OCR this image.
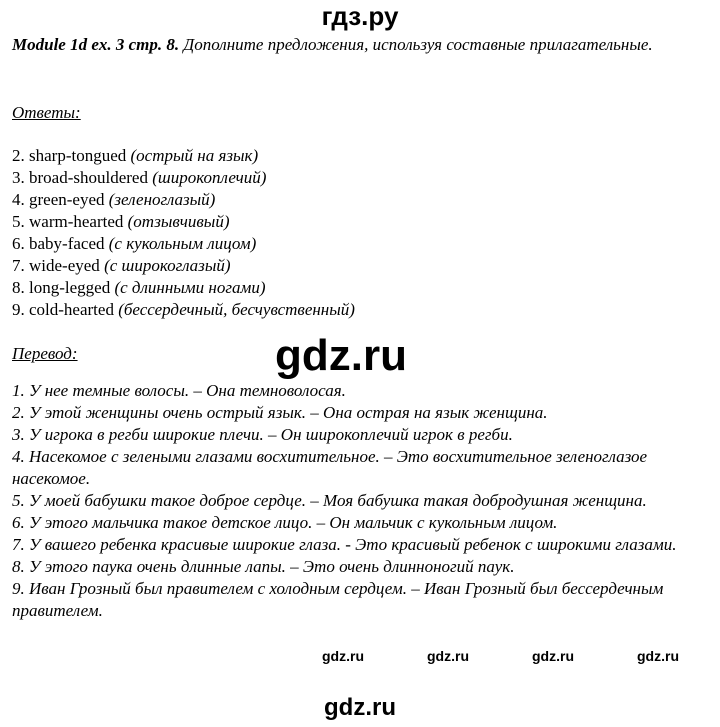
гдз.ру
Module 1d ex. 3 стр. 8. Дополните предложения, используя составные прилагательные.
Ответы:
2. sharp-tongued (острый на язык)
3. broad-shouldered (широкоплечий)
4. green-eyed (зеленоглазый)
5. warm-hearted (отзывчивый)
6. baby-faced (с кукольным лицом)
7. wide-eyed (с широкоглазый)
8. long-legged (с длинными ногами)
9. cold-hearted (бессердечный, бесчувственный)
Перевод:	gdz.ru
1. У нее темные волосы. – Она темноволосая.
2. У этой женщины очень острый язык. – Она острая на язык женщина.
3. У игрока в регби широкие плечи. – Он широкоплечий игрок в регби.
4. Насекомое с зелеными глазами восхитительное. – Это восхитительное зеленоглазое насекомое.
5. У моей бабушки такое доброе сердце. – Моя бабушка такая добродушная женщина.
6. У этого мальчика такое детское лицо. – Он мальчик с кукольным лицом.
7. У вашего ребенка красивые широкие глаза. - Это красивый ребенок с широкими глазами.
8. У этого паука очень длинные лапы. – Это очень длинноногий паук.
9. Иван Грозный был правителем с холодным сердцем. – Иван Грозный был бессердечным правителем.
gdz.ru	gdz.ru	gdz.ru	gdz.ru
gdz.ru
